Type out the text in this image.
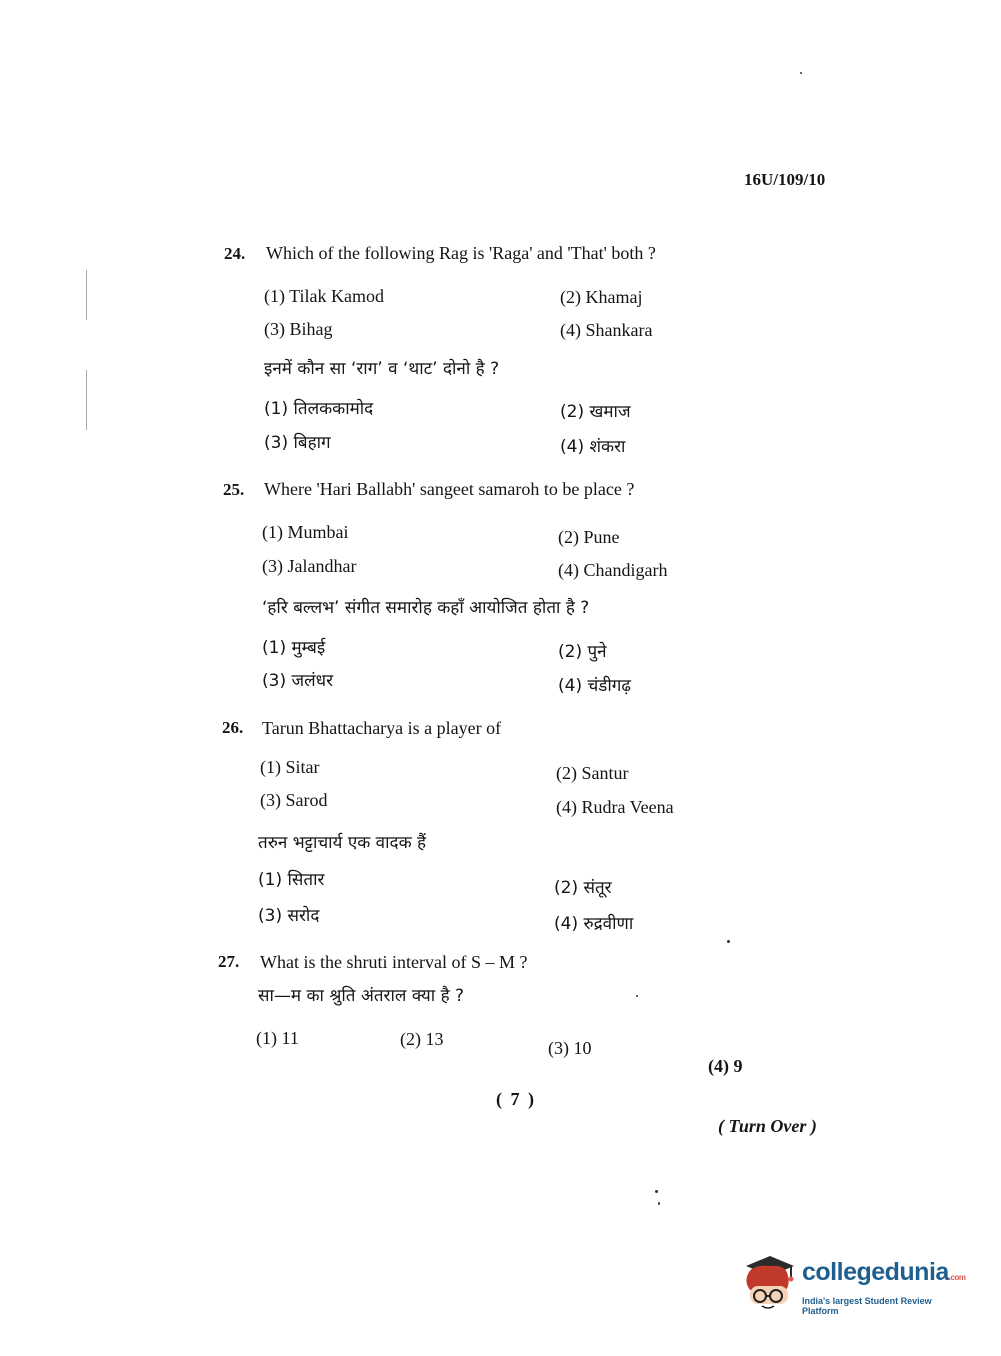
16U/109/10
24. Which of the following Rag is 'Raga' and 'That' both ?
(1) Tilak Kamod	(2) Khamaj
(3) Bihag	(4) Shankara
इनमें कौन सा ‘राग’ व ‘थाट’ दोनो है ?
(1) तिलककामोद	(2) खमाज
(3) बिहाग	(4) शंकरा
25. Where 'Hari Ballabh' sangeet samaroh to be place ?
(1) Mumbai	(2) Pune
(3) Jalandhar	(4) Chandigarh
‘हरि बल्लभ’ संगीत समारोह कहाँ आयोजित होता है ?
(1) मुम्बई	(2) पुने
(3) जलंधर	(4) चंडीगढ़
26. Tarun Bhattacharya is a player of
(1) Sitar	(2) Santur
(3) Sarod	(4) Rudra Veena
तरुन भट्टाचार्य एक वादक हैं
(1) सितार	(2) संतूर
(3) सरोद	(4) रुद्रवीणा
27. What is the shruti interval of S – M ?
सा—म का श्रुति अंतराल क्या है ?
(1) 11	(2) 13	(3) 10
(4) 9
( 7 )
( Turn Over )
collegedunia.com
India's largest Student Review Platform
